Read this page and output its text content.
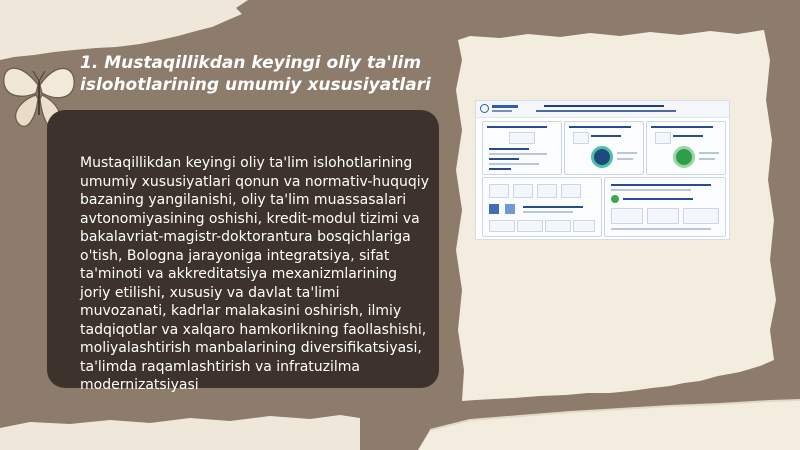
1. Mustaqillikdan keyingi oliy ta'lim islohotlarining umumiy xususiyatlari

Mustaqillikdan keyingi oliy ta'lim islohotlarining umumiy xususiyatlari qonun va normativ-huquqiy bazaning yangilanishi, oliy ta'lim muassasalari avtonomiyasining oshishi, kredit-modul tizimi va bakalavriat-magistr-doktorantura bosqichlariga o'tish, Bologna jarayoniga integratsiya, sifat ta'minoti va akkreditatsiya mexanizmlarining joriy etilishi, xususiy va davlat ta'limi muvozanati, kadrlar malakasini oshirish, ilmiy tadqiqotlar va xalqaro hamkorlikning faollashishi, moliyalashtirish manbalarining diversifikatsiyasi, ta'limda raqamlashtirish va infratuzilma modernizatsiyasi
